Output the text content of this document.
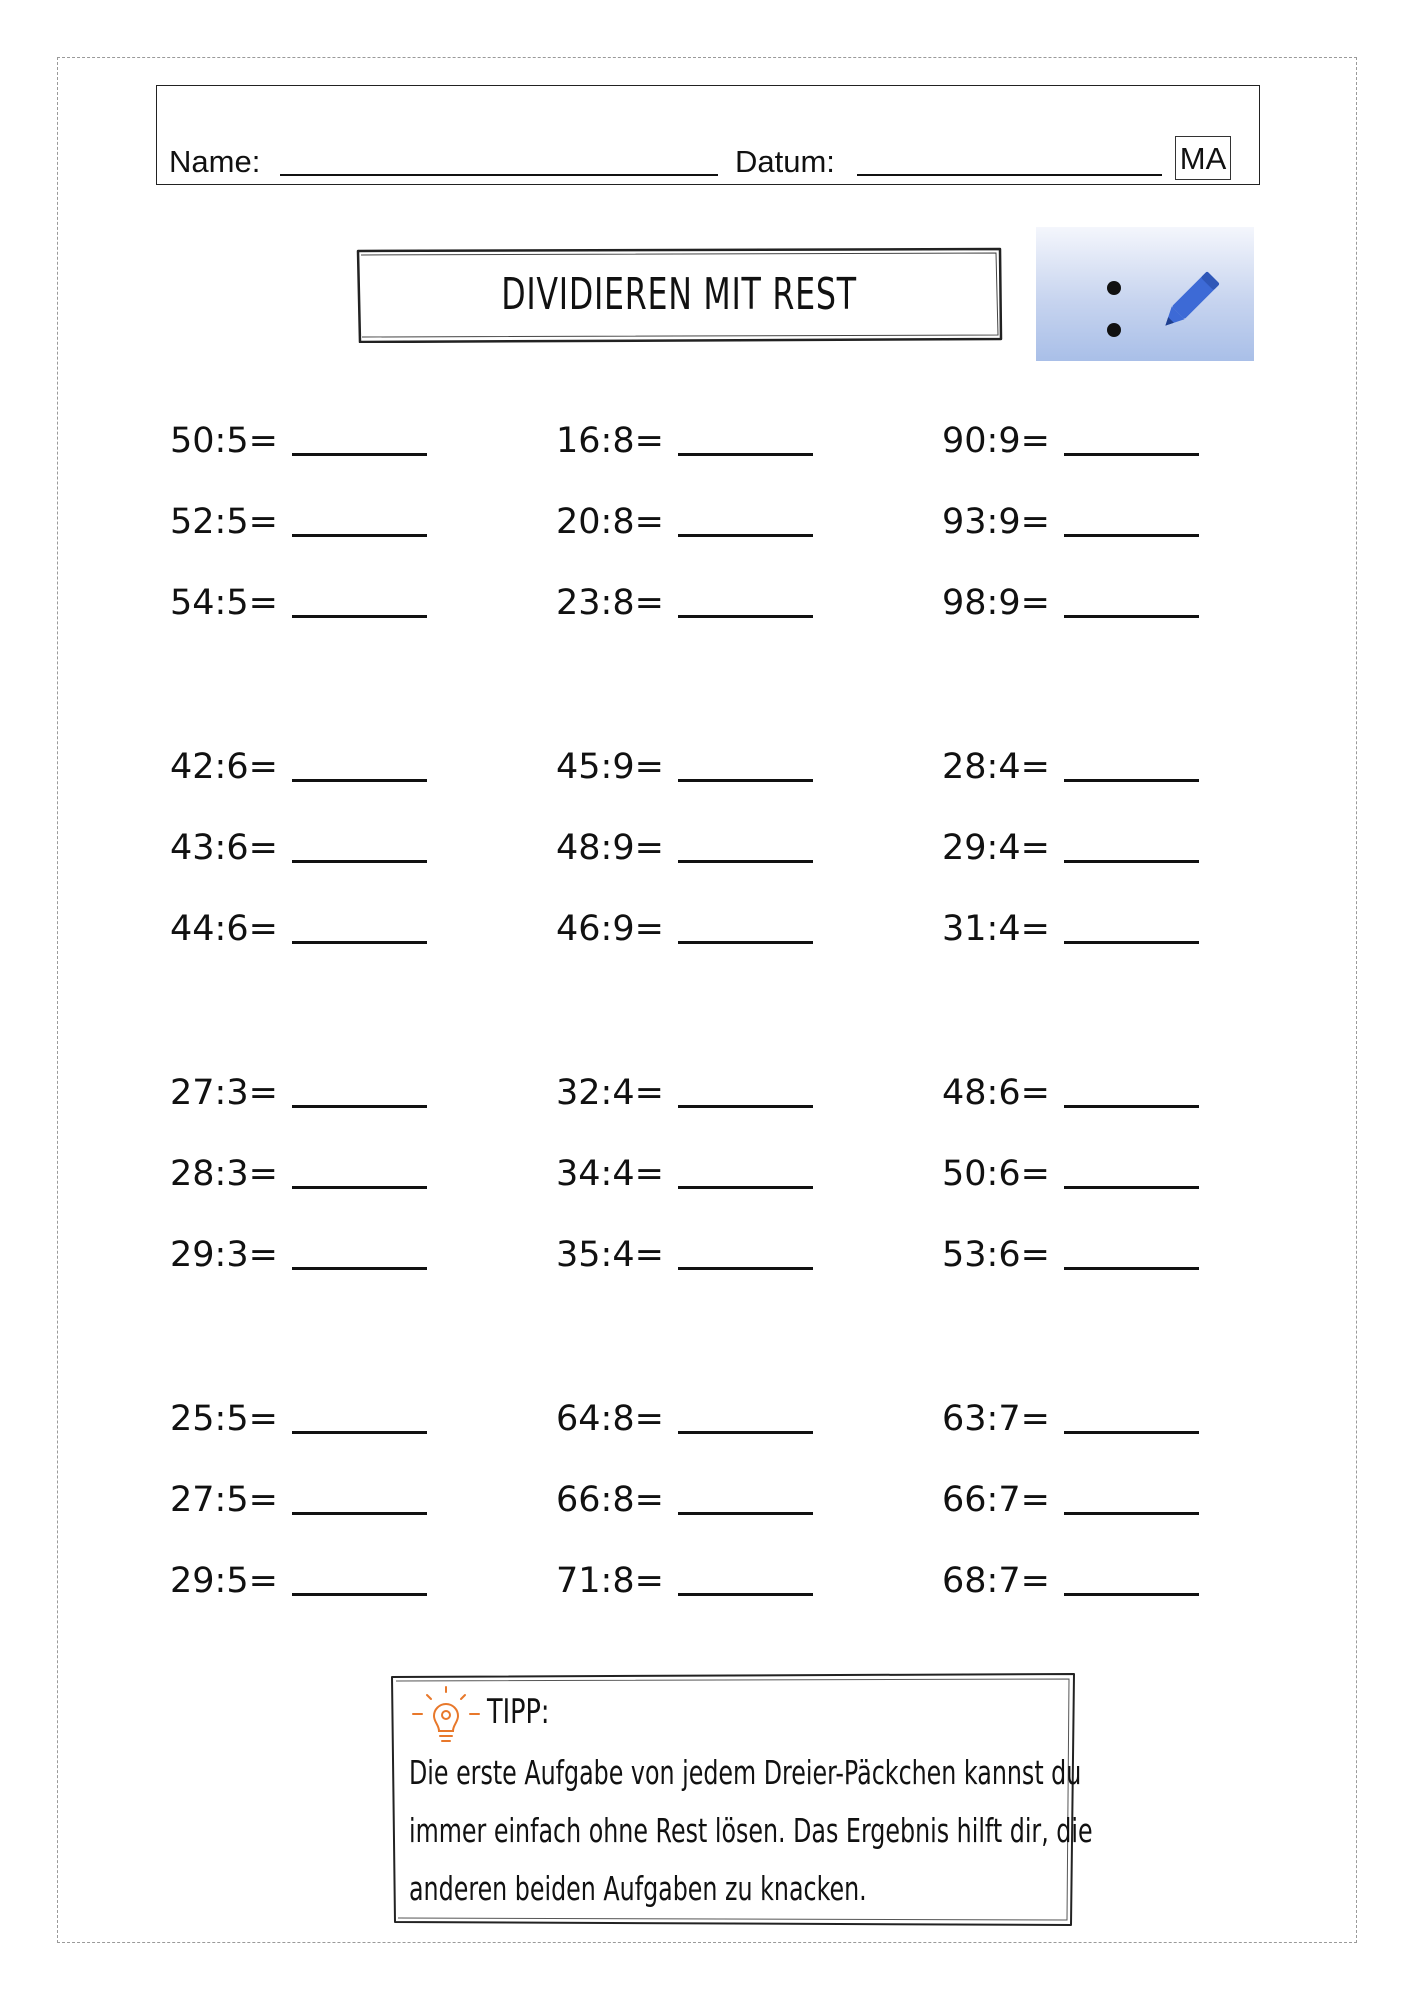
Name:	Datum:	MA
DIVIDIEREN MIT REST
50:5=	16:8=	90:9=
52:5=	20:8=	93:9=
54:5=	23:8=	98:9=
42:6=	45:9=	28:4=
43:6=	48:9=	29:4=
44:6=	46:9=	31:4=
27:3=	32:4=	48:6=
28:3=	34:4=	50:6=
29:3=	35:4=	53:6=
25:5=	64:8=	63:7=
27:5=	66:8=	66:7=
29:5=	71:8=	68:7=
TIPP:
Die erste Aufgabe von jedem Dreier-Päckchen kannst du
immer einfach ohne Rest lösen. Das Ergebnis hilft dir, die
anderen beiden Aufgaben zu knacken.
